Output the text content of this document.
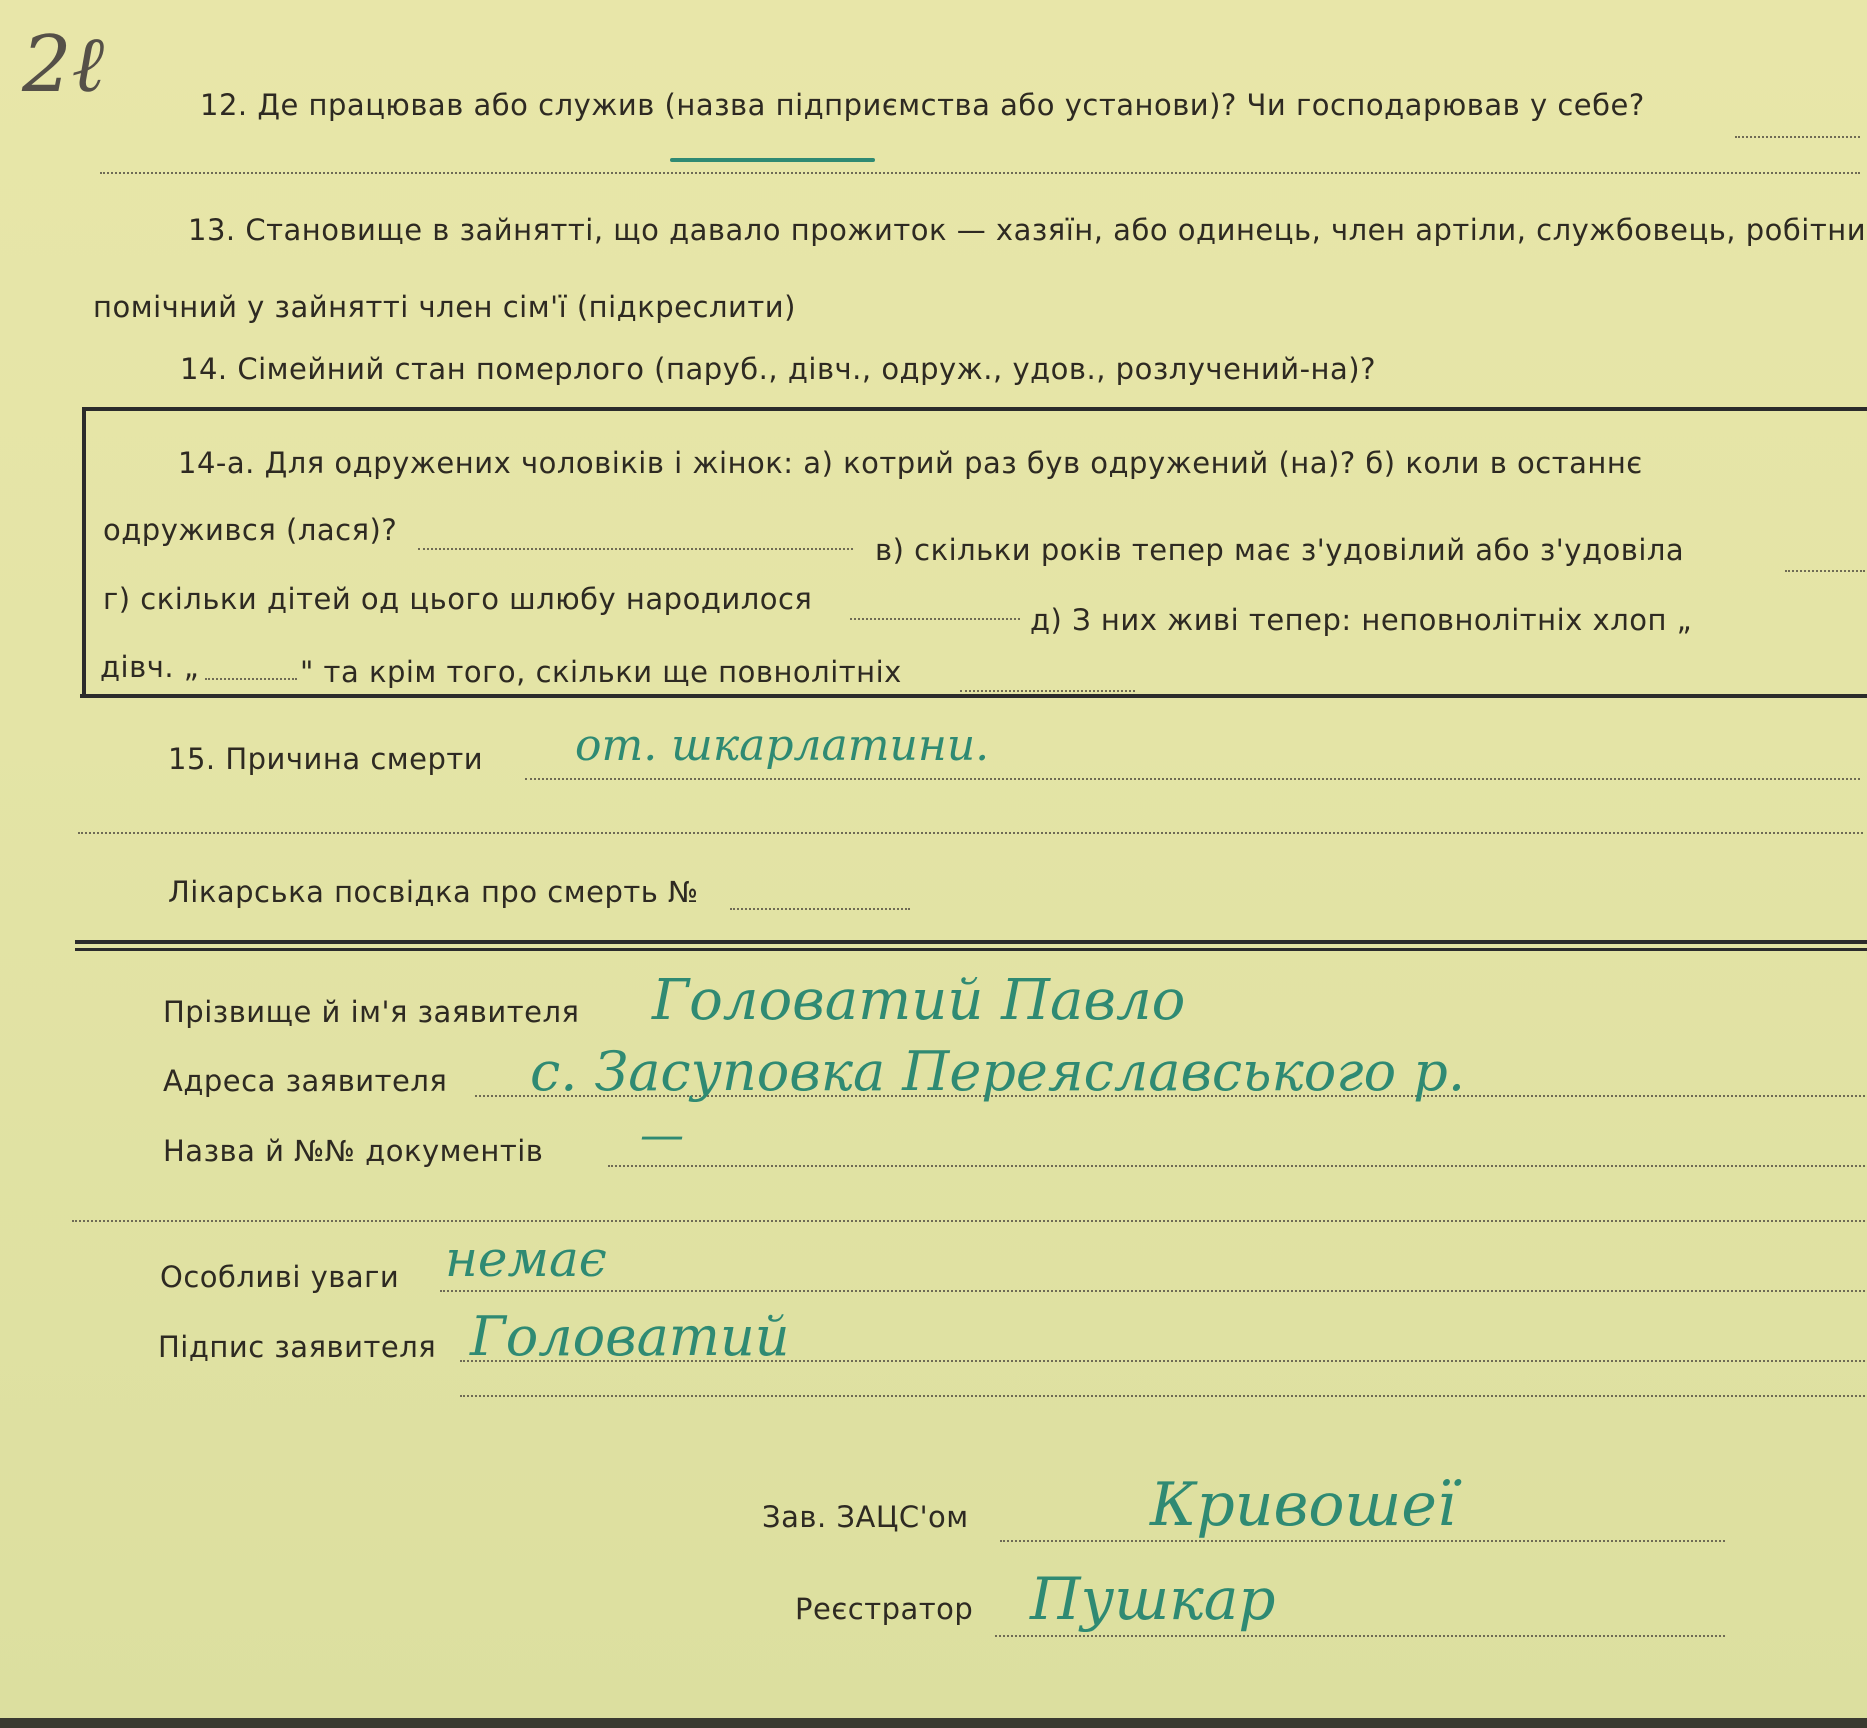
2ℓ	12. Де працював або служив (назва підприємства або установи)? Чи господарював у себе?
13. Становище в зайнятті, що давало прожиток — хазяїн, або одинець, член артіли, службовець, робітни
помічний у зайнятті член сім'ї (підкреслити)
14. Сімейний стан померлого (паруб., дівч., одруж., удов., розлучений-на)?
14-а. Для одружених чоловіків і жінок: а) котрий раз був одружений (на)? б) коли в останнє
одружився (лася)?
в) скільки років тепер має з'удовілий або з'удовіла
г) скільки дітей од цього шлюбу народилося
д) З них живі тепер: неповнолітніх хлоп „
дівч. „	" та крім того, скільки ще повнолітніх
15. Причина смерти от. шкарлатини.
Лікарська посвідка про смерть №
Прізвище й ім'я заявителя Головатий Павло
Адреса заявителя с. Засуповка Переяславського р.
Назва й №№ документів —
Особливі уваги немає
Підпис заявителя Головатий
Зав. ЗАЦС'ом	Кривошеї
Реєстратор Пушкар
